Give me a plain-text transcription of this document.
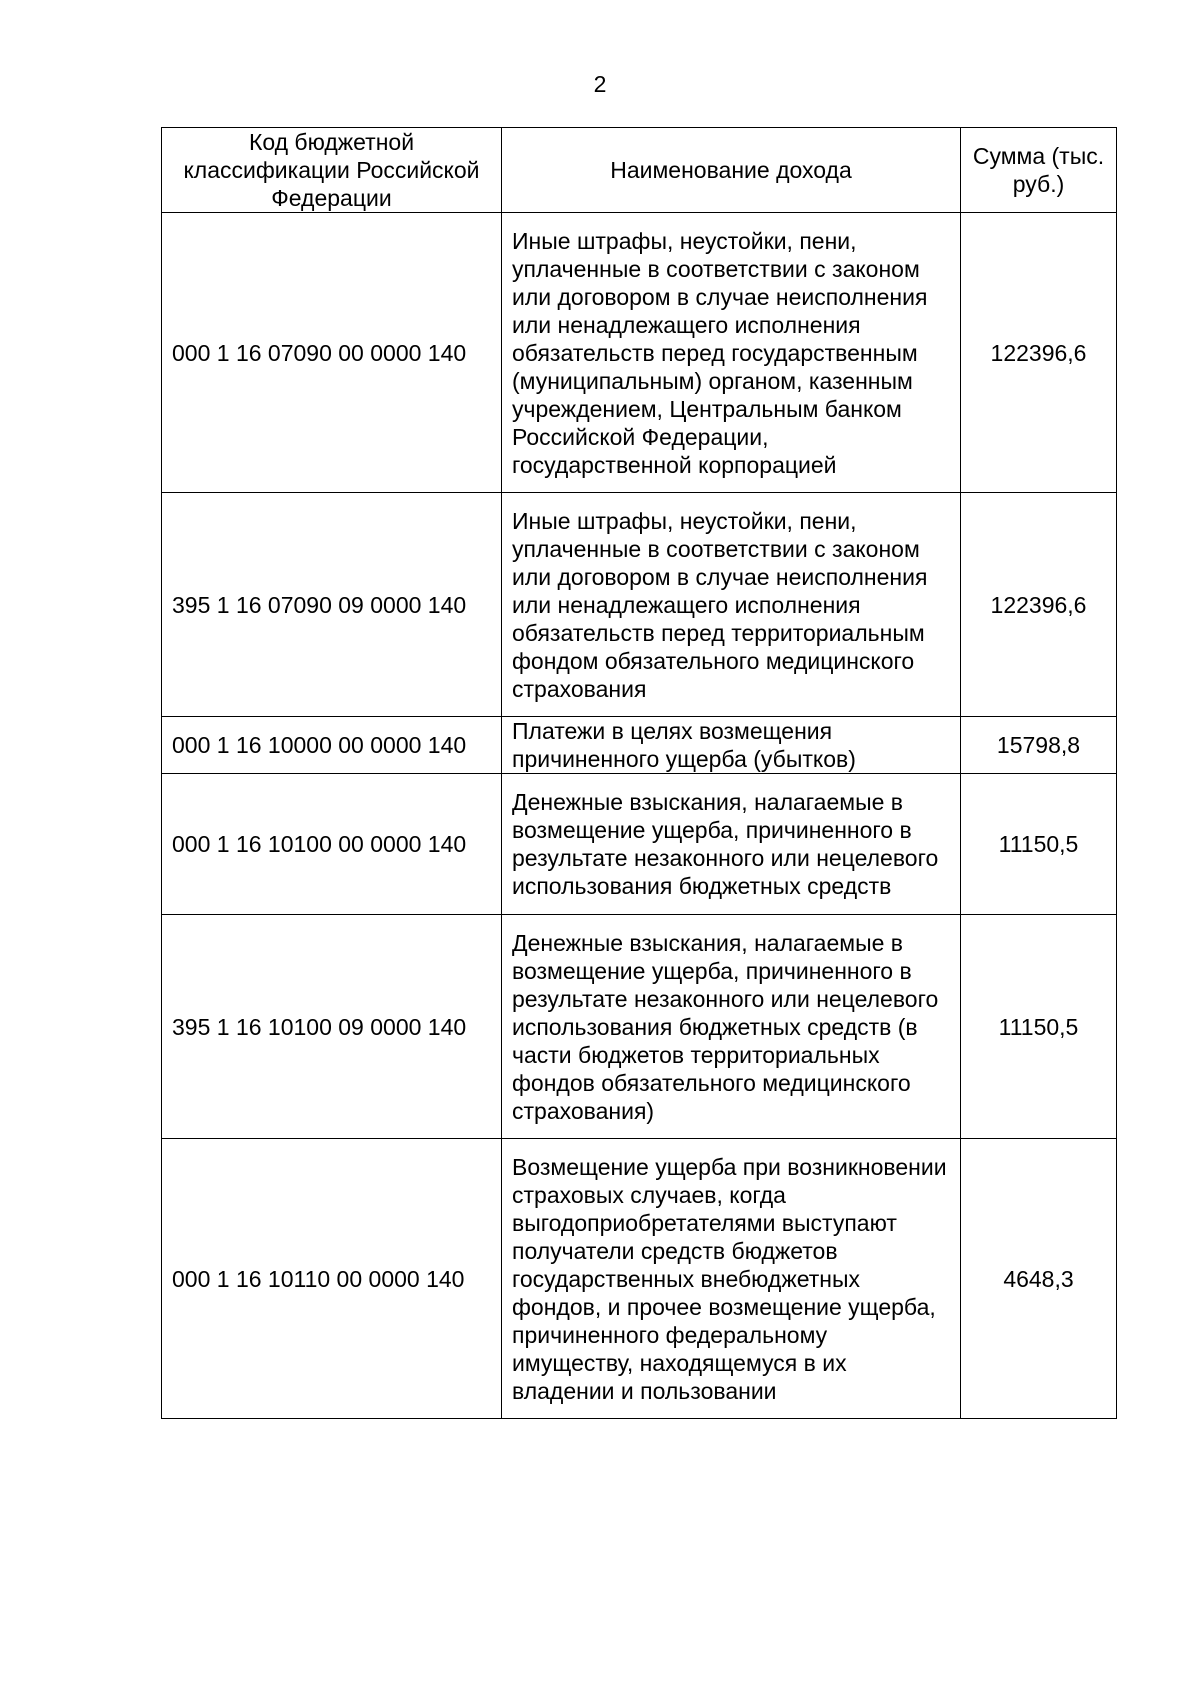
2
Код бюджетной классификации Российской Федерации	Наименование дохода	Сумма (тыс. руб.)
000 1 16 07090 00 0000 140	Иные штрафы, неустойки, пени, уплаченные в соответствии с законом или договором в случае неисполнения или ненадлежащего исполнения обязательств перед государственным (муниципальным) органом, казенным учреждением, Центральным банком Российской Федерации, государственной корпорацией	122396,6
395 1 16 07090 09 0000 140	Иные штрафы, неустойки, пени, уплаченные в соответствии с законом или договором в случае неисполнения или ненадлежащего исполнения обязательств перед территориальным фондом обязательного медицинского страхования	122396,6
000 1 16 10000 00 0000 140	Платежи в целях возмещения причиненного ущерба (убытков)	15798,8
000 1 16 10100 00 0000 140	Денежные взыскания, налагаемые в возмещение ущерба, причиненного в результате незаконного или нецелевого использования бюджетных средств	11150,5
395 1 16 10100 09 0000 140	Денежные взыскания, налагаемые в возмещение ущерба, причиненного в результате незаконного или нецелевого использования бюджетных средств (в части бюджетов территориальных фондов обязательного медицинского страхования)	11150,5
000 1 16 10110 00 0000 140	Возмещение ущерба при возникновении страховых случаев, когда выгодоприобретателями выступают получатели средств бюджетов государственных внебюджетных фондов, и прочее возмещение ущерба, причиненного федеральному имуществу, находящемуся в их владении и пользовании	4648,3
